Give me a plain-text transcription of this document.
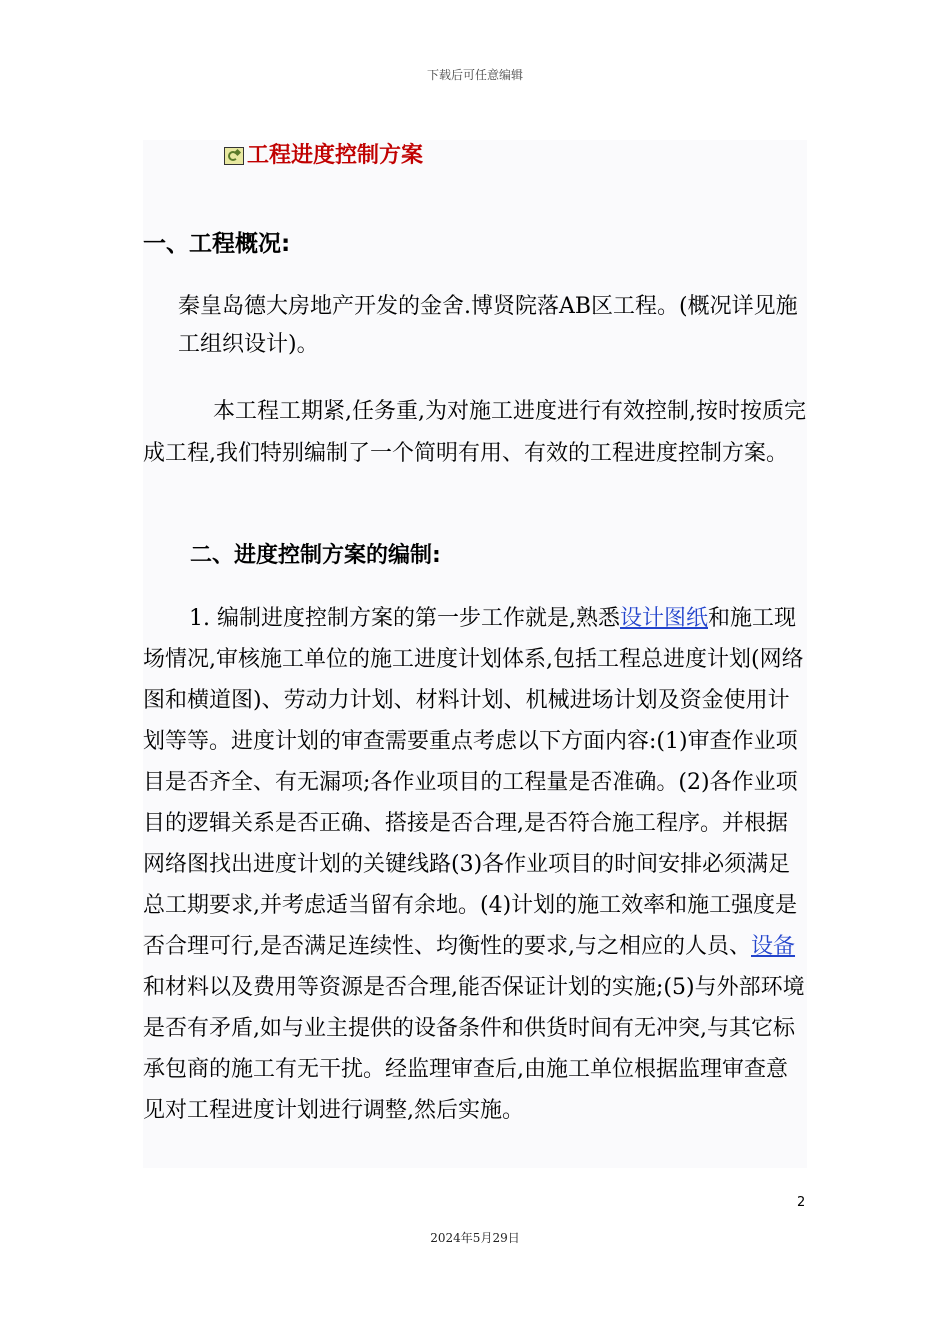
下载后可任意编辑
工程进度控制方案
一、工程概况:

秦皇岛德大房地产开发的金舍.博贤院落AB区工程。(概况详见施工组织设计)。

本工程工期紧,任务重,为对施工进度进行有效控制,按时按质完成工程,我们特别编制了一个简明有用、有效的工程进度控制方案。

二、进度控制方案的编制:

1. 编制进度控制方案的第一步工作就是,熟悉设计图纸和施工现场情况,审核施工单位的施工进度计划体系,包括工程总进度计划(网络图和横道图)、劳动力计划、材料计划、机械进场计划及资金使用计划等等。进度计划的审查需要重点考虑以下方面内容:(1)审查作业项目是否齐全、有无漏项;各作业项目的工程量是否准确。(2)各作业项目的逻辑关系是否正确、搭接是否合理,是否符合施工程序。并根据网络图找出进度计划的关键线路(3)各作业项目的时间安排必须满足总工期要求,并考虑适当留有余地。(4)计划的施工效率和施工强度是否合理可行,是否满足连续性、均衡性的要求,与之相应的人员、设备和材料以及费用等资源是否合理,能否保证计划的实施;(5)与外部环境是否有矛盾,如与业主提供的设备条件和供货时间有无冲突,与其它标承包商的施工有无干扰。经监理审查后,由施工单位根据监理审查意见对工程进度计划进行调整,然后实施。

2
2024年5月29日
